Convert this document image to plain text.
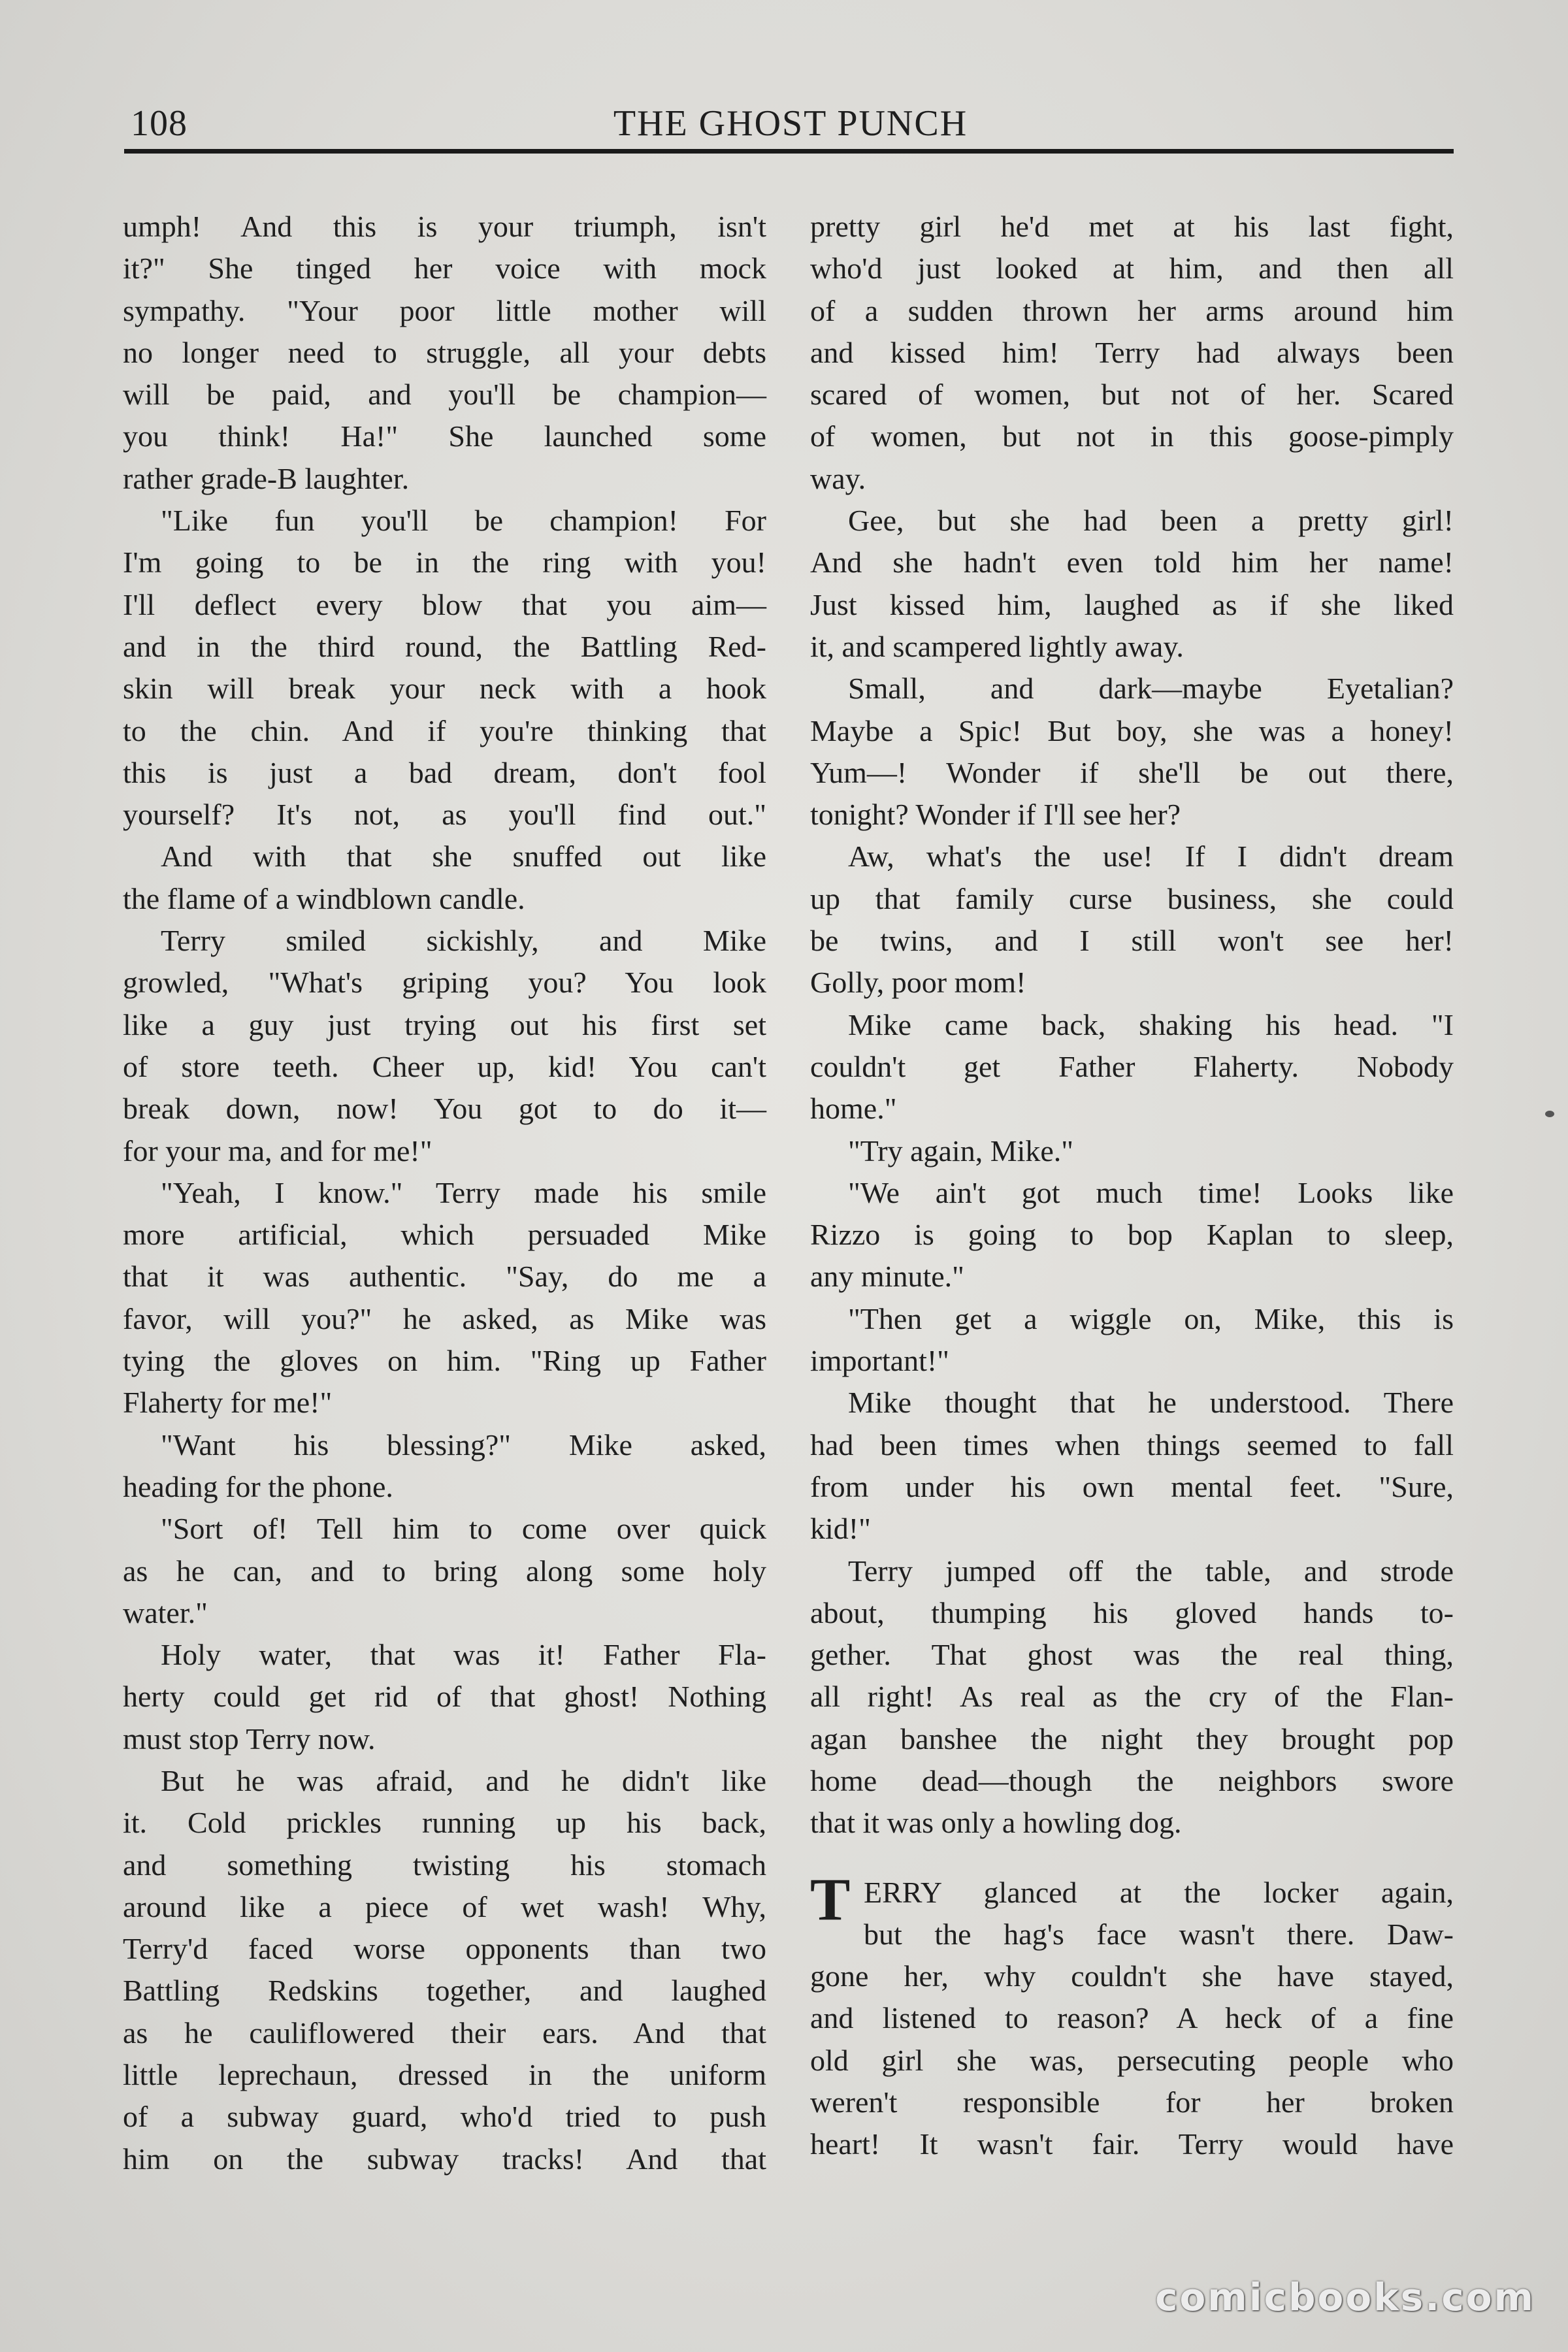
108	THE GHOST PUNCH
umph! And this is your triumph, isn't
it?" She tinged her voice with mock
sympathy. "Your poor little mother will
no longer need to struggle, all your debts
will be paid, and you'll be champion—
you think! Ha!" She launched some
rather grade-B laughter.
"Like fun you'll be champion! For
I'm going to be in the ring with you!
I'll deflect every blow that you aim—
and in the third round, the Battling Red-
skin will break your neck with a hook
to the chin. And if you're thinking that
this is just a bad dream, don't fool
yourself? It's not, as you'll find out."
And with that she snuffed out like
the flame of a windblown candle.
Terry smiled sickishly, and Mike
growled, "What's griping you? You look
like a guy just trying out his first set
of store teeth. Cheer up, kid! You can't
break down, now! You got to do it—
for your ma, and for me!"
"Yeah, I know." Terry made his smile
more artificial, which persuaded Mike
that it was authentic. "Say, do me a
favor, will you?" he asked, as Mike was
tying the gloves on him. "Ring up Father
Flaherty for me!"
"Want his blessing?" Mike asked,
heading for the phone.
"Sort of! Tell him to come over quick
as he can, and to bring along some holy
water."
Holy water, that was it! Father Fla-
herty could get rid of that ghost! Nothing
must stop Terry now.
But he was afraid, and he didn't like
it. Cold prickles running up his back,
and something twisting his stomach
around like a piece of wet wash! Why,
Terry'd faced worse opponents than two
Battling Redskins together, and laughed
as he cauliflowered their ears. And that
little leprechaun, dressed in the uniform
of a subway guard, who'd tried to push
him on the subway tracks! And that
pretty girl he'd met at his last fight,
who'd just looked at him, and then all
of a sudden thrown her arms around him
and kissed him! Terry had always been
scared of women, but not of her. Scared
of women, but not in this goose-pimply
way.
Gee, but she had been a pretty girl!
And she hadn't even told him her name!
Just kissed him, laughed as if she liked
it, and scampered lightly away.
Small, and dark—maybe Eyetalian?
Maybe a Spic! But boy, she was a honey!
Yum—! Wonder if she'll be out there,
tonight? Wonder if I'll see her?
Aw, what's the use! If I didn't dream
up that family curse business, she could
be twins, and I still won't see her!
Golly, poor mom!
Mike came back, shaking his head. "I
couldn't get Father Flaherty. Nobody
home."
"Try again, Mike."
"We ain't got much time! Looks like
Rizzo is going to bop Kaplan to sleep,
any minute."
"Then get a wiggle on, Mike, this is
important!"
Mike thought that he understood. There
had been times when things seemed to fall
from under his own mental feet. "Sure,
kid!"
Terry jumped off the table, and strode
about, thumping his gloved hands to-
gether. That ghost was the real thing,
all right! As real as the cry of the Flan-
agan banshee the night they brought pop
home dead—though the neighbors swore
that it was only a howling dog.
T ERRY glanced at the locker again,
but the hag's face wasn't there. Daw-
gone her, why couldn't she have stayed,
and listened to reason? A heck of a fine
old girl she was, persecuting people who
weren't responsible for her broken
heart! It wasn't fair. Terry would have
comicbooks.com
